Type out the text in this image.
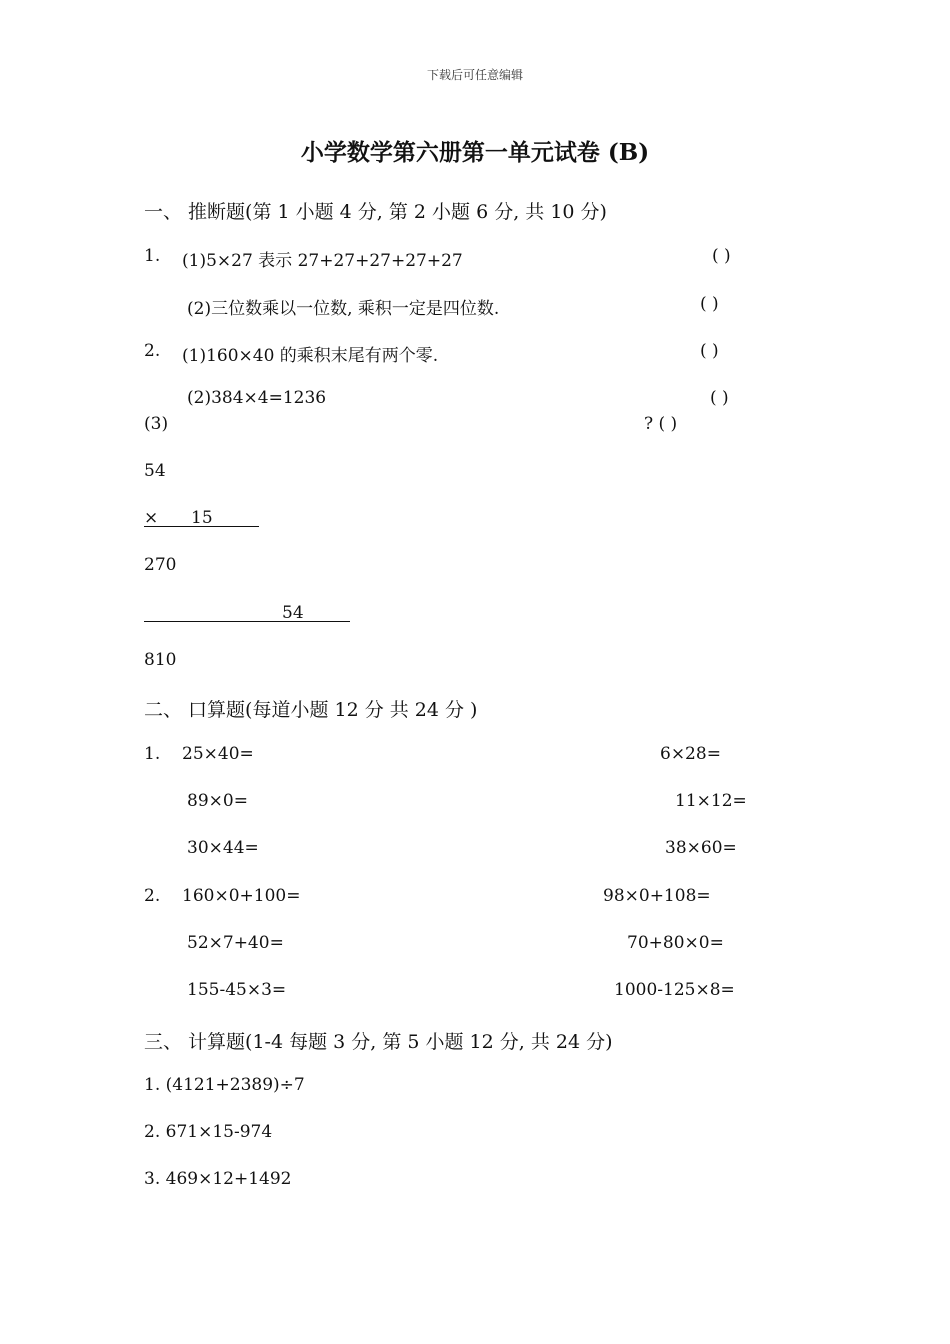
下载后可任意编辑
小学数学第六册第一单元试卷 (B)
一、 推断题(第 1 小题 4 分, 第 2 小题 6 分, 共 10 分)
1. (1)5×27 表示 27+27+27+27+27	( )
(2)三位数乘以一位数, 乘积一定是四位数.	( )
2. (1)160×40 的乘积末尾有两个零.	( )
(2)384×4=1236	( )
(3)	? ( )
54
× 15
270
54
810
二、 口算题(每道小题 12 分 共 24 分 )
1. 25×40=	6×28=
89×0=	11×12=
30×44=	38×60=
2. 160×0+100=	98×0+108=
52×7+40=	70+80×0=
155-45×3=	1000-125×8=
三、 计算题(1-4 每题 3 分, 第 5 小题 12 分, 共 24 分)
1. (4121+2389)÷7
2. 671×15-974
3. 469×12+1492
